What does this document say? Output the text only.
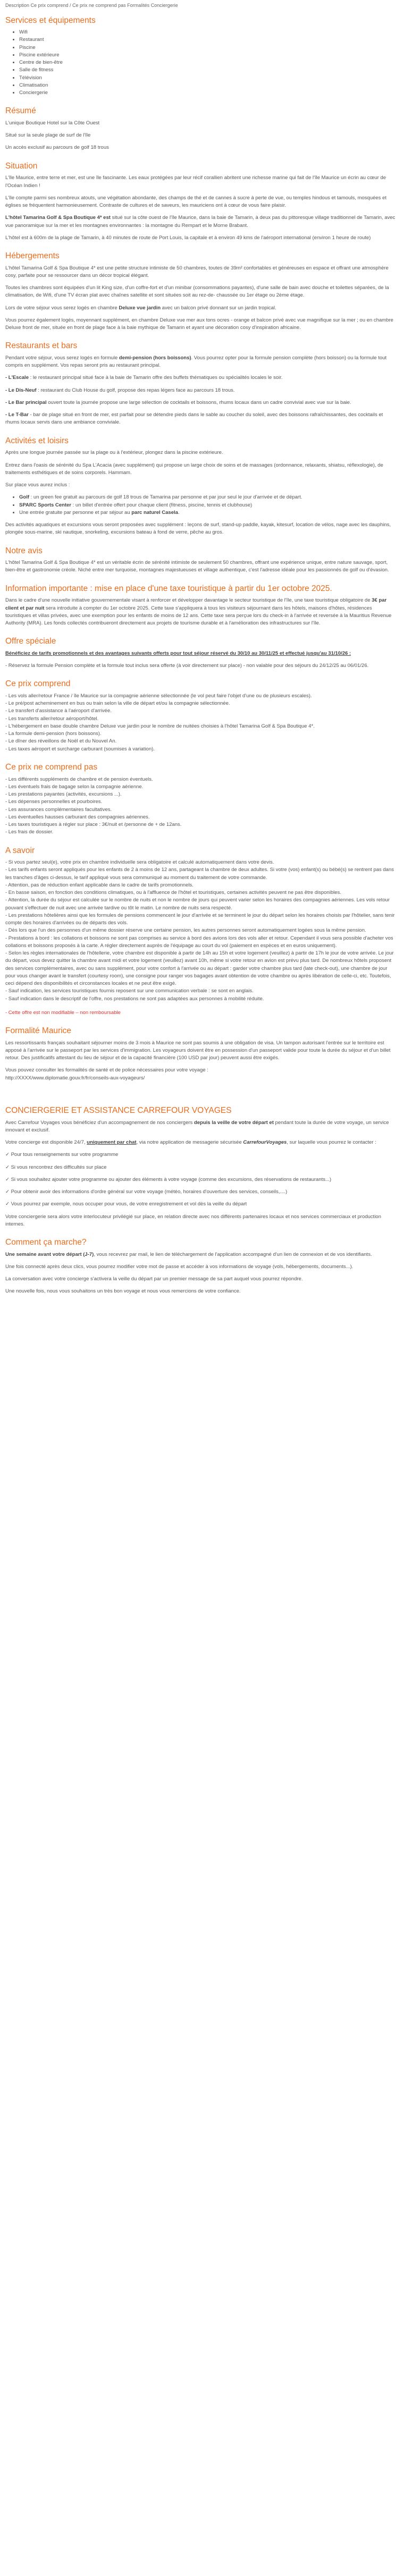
Description Ce prix comprend / Ce prix ne comprend pas Formalités Conciergerie
Services et équipements
• Wifi
• Restaurant
• Piscine
• Piscine extérieure
• Centre de bien-être
• Salle de fitness
• Télévision
• Climatisation
• Conciergerie
Résumé

L'unique Boutique Hotel sur la Côte Ouest

Situé sur la seule plage de surf de l'île

Un accès exclusif au parcours de golf 18 trous

Situation

L'île Maurice, entre terre et mer, est une île fascinante. Les eaux protégées par leur récif corallien abritent une richesse marine qui fait de l'île Maurice un écrin au cœur de l'Océan Indien !

L'île compte parmi ses nombreux atouts, une végétation abondante, des champs de thé et de cannes à sucre à perte de vue, ou temples hindous et tamouls, mosquées et églises se fréquentent harmonieusement. Contraste de cultures et de saveurs, les mauriciens ont à cœur de vous faire plaisir.

L'hôtel Tamarina Golf & Spa Boutique 4* est situé sur la côte ouest de l'île Maurice, dans la baie de Tamarin, à deux pas du pittoresque village traditionnel de Tamarin, avec vue panoramique sur la mer et les montagnes environnantes : la montagne du Rempart et le Morne Brabant.

L'hôtel est à 600m de la plage de Tamarin, à 40 minutes de route de Port Louis, la capitale et à environ 49 kms de l'aéroport international (environ 1 heure de route)

Hébergements

L'hôtel Tamarina Golf & Spa Boutique 4* est une petite structure intimiste de 50 chambres, toutes de 39m² confortables et généreuses en espace et offrant une atmosphère cosy, parfaite pour se ressourcer dans un décor tropical élégant.

Toutes les chambres sont équipées d'un lit King size, d'un coffre-fort et d'un minibar (consommations payantes), d'une salle de bain avec douche et toilettes séparées, de la climatisation, de Wifi, d'une TV écran plat avec chaînes satellite et sont situées soit au rez-de- chaussée ou 1er étage ou 2ème étage.

Lors de votre séjour vous serez logés en chambre Deluxe vue jardin avec un balcon privé donnant sur un jardin tropical.

Vous pourrez également logés, moyennant supplément, en chambre Deluxe vue mer aux tons ocres - orange et balcon privé avec vue magnifique sur la mer ; ou en chambre Deluxe front de mer, située en front de plage face à la baie mythique de Tamarin et ayant une décoration cosy d'inspiration africaine.

Restaurants et bars

Pendant votre séjour, vous serez logés en formule demi-pension (hors boissons). Vous pourrez opter pour la formule pension complète (hors boisson) ou la formule tout compris en supplément. Vos repas seront pris au restaurant principal.

- L'Escale : le restaurant principal situé face à la baie de Tamarin offre des buffets thématiques ou spécialités locales le soir.

- Le Dis-Neuf : restaurant du Club House du golf, propose des repas légers face au parcours 18 trous.

- Le Bar principal ouvert toute la journée propose une large sélection de cocktails et boissons, rhums locaux dans un cadre convivial avec vue sur la baie.

- Le T-Bar - bar de plage situé en front de mer, est parfait pour se détendre pieds dans le sable au coucher du soleil, avec des boissons rafraîchissantes, des cocktails et rhums locaux servis dans une ambiance conviviale.

Activités et loisirs

Après une longue journée passée sur la plage ou à l'extérieur, plongez dans la piscine extérieure.

Entrez dans l'oasis de sérénité du Spa L'Acacia (avec supplément) qui propose un large choix de soins et de massages (ordonnance, relaxants, shiatsu, réflexologie), de traitements esthétiques et de soins corporels. Hammam.

Sur place vous aurez inclus :

• Golf : un green fee gratuit au parcours de golf 18 trous de Tamarina par personne et par jour seul le jour d'arrivée et de départ.
• SPARC Sports Center : un billet d'entrée offert pour chaque client (fitness, piscine, tennis et clubhouse)
• Une entrée gratuite par personne et par séjour au parc naturel Casela.

Des activités aquatiques et excursions vous seront proposées avec supplément : leçons de surf, stand-up paddle, kayak, kitesurf, location de vélos, nage avec les dauphins, plongée sous-marine, ski nautique, snorkeling, excursions bateau à fond de verre, pêche au gros.

Notre avis

L'hôtel Tamarina Golf & Spa Boutique 4* est un véritable écrin de sérénité intimiste de seulement 50 chambres, offrant une expérience unique, entre nature sauvage, sport, bien-être et gastronomie créole. Niché entre mer turquoise, montagnes majestueuses et village authentique, c'est l'adresse idéale pour les passionnés de golf ou d'évasion.

Information importante : mise en place d'une taxe touristique à partir du 1er octobre 2025.

Dans le cadre d'une nouvelle initiative gouvernementale visant à renforcer et développer davantage le secteur touristique de l'île, une taxe touristique obligatoire de 3€ par client et par nuit sera introduite à compter du 1er octobre 2025. Cette taxe s'appliquera à tous les visiteurs séjournant dans les hôtels, maisons d'hôtes, résidences touristiques et villas privées, avec une exemption pour les enfants de moins de 12 ans. Cette taxe sera perçue lors du check-in à l'arrivée et reversée à la Mauritius Revenue Authority (MRA). Les fonds collectés contribueront directement aux projets de tourisme durable et à l'amélioration des infrastructures sur l'île.

Offre spéciale

Bénéficiez de tarifs promotionnels et des avantages suivants offerts pour tout séjour réservé du 30/10 au 30/11/25 et effectué jusqu'au 31/10/26 :

- Réservez la formule Pension complète et la formule tout inclus sera offerte (à voir directement sur place) - non valable pour des séjours du 24/12/25 au 06/01/26.

Ce prix comprend

- Les vols aller/retour France / île Maurice sur la compagnie aérienne sélectionnée (le vol peut faire l'objet d'une ou de plusieurs escales).

- Le pré/post acheminement en bus ou train selon la ville de départ et/ou la compagnie sélectionnée.

- Le transfert d'assistance à l'aéroport d'arrivée.

- Les transferts aller/retour aéroport/hôtel.

- L'hébergement en base double chambre Deluxe vue jardin pour le nombre de nuitées choisies à l'hôtel Tamarina Golf & Spa Boutique 4*.

- La formule demi-pension (hors boissons).

- Le dîner des réveillons de Noël et du Nouvel An.

- Les taxes aéroport et surcharge carburant (soumises à variation).

Ce prix ne comprend pas

- Les différents suppléments de chambre et de pension éventuels.

- Les éventuels frais de bagage selon la compagnie aérienne.

- Les prestations payantes (activités, excursions ...).

- Les dépenses personnelles et pourboires.

- Les assurances complémentaires facultatives.

- Les éventuelles hausses carburant des compagnies aériennes.

- Les taxes touristiques à régler sur place : 3€/nuit et /personne de + de 12ans.

- Les frais de dossier.

A savoir

- Si vous partez seul(e), votre prix en chambre individuelle sera obligatoire et calculé automatiquement dans votre devis.

- Les tarifs enfants seront appliqués pour les enfants de 2 à moins de 12 ans, partageant la chambre de deux adultes. Si votre (vos) enfant(s) ou bébé(s) se rentrent pas dans les tranches d'âges ci-dessus, le tarif appliqué vous sera communiqué au moment du traitement de votre commande.

- Attention, pas de réduction enfant applicable dans le cadre de tarifs promotionnels.

- En basse saison, en fonction des conditions climatiques, ou à l'affluence de l'hôtel et touristiques, certaines activités peuvent ne pas être disponibles.

- Attention, la durée du séjour est calculée sur le nombre de nuits et non le nombre de jours qui peuvent varier selon les horaires des compagnies aériennes. Les vols retour pouvant s'effectuer de nuit avec une arrivée tardive ou tôt le matin. Le nombre de nuits sera respecté.

- Les prestations hôtelières ainsi que les formules de pensions commencent le jour d'arrivée et se terminent le jour du départ selon les horaires choisis par l'hôtelier, sans tenir compte des horaires d'arrivées ou de départs des vols.

- Dès lors que l'un des personnes d'un même dossier réserve une certaine pension, les autres personnes seront automatiquement logées sous la même pension.

- Prestations à bord : les collations et boissons ne sont pas comprises au service à bord des avions lors des vols aller et retour. Cependant il vous sera possible d'acheter vos collations et boissons proposés à la carte. A régler directement auprès de l'équipage au court du vol (paiement en espèces et en euros uniquement).

- Selon les règles internationales de l'hôtellerie, votre chambre est disponible à partir de 14h au 15h et votre logement (veuillez) à partir de 17h le jour de votre arrivée. Le jour du départ, vous devez quitter la chambre avant midi et votre logement (veuillez) avant 10h, même si votre retour en avion est prévu plus tard. De nombreux hôtels proposent des services complémentaires, avec ou sans supplément, pour votre confort à l'arrivée ou au départ : garder votre chambre plus tard (late check-out), une chambre de jour pour vous changer avant le transfert (courtesy room), une consigne pour ranger vos bagages avant obtention de votre chambre ou après libération de celle-ci, etc. Toutefois, ceci dépend des disponibilités et circonstances locales et ne peut être exigé.

- Sauf indication, les services touristiques fournis reposent sur une communication verbale : se sont en anglais.

- Sauf indication dans le descriptif de l'offre, nos prestations ne sont pas adaptées aux personnes à mobilité réduite.

- Cette offre est non modifiable – non remboursable

Formalité Maurice

Les ressortissants français souhaitant séjourner moins de 3 mois à Maurice ne sont pas soumis à une obligation de visa. Un tampon autorisant l'entrée sur le territoire est apposé à l'arrivée sur le passeport par les services d'immigration. Les voyageurs doivent être en possession d'un passeport valide pour toute la durée du séjour et d'un billet retour. Des justificatifs attestant du lieu de séjour et de la capacité financière (100 USD par jour) peuvent aussi être exigés.

Vous pouvez consulter les formalités de santé et de police nécessaires pour votre voyage :

http://XXXX/www.diplomatie.gouv.fr/fr/conseils-aux-voyageurs/

CONCIERGERIE ET ASSISTANCE CARREFOUR VOYAGES

Avec Carrefour Voyages vous bénéficiez d'un accompagnement de nos conciergers depuis la veille de votre départ et pendant toute la durée de votre voyage, un service innovant et exclusif.

Votre concierge est disponible 24/7, uniquement par chat, via notre application de messagerie sécurisée CarrefourVoyages, sur laquelle vous pourrez le contacter :

✓ Pour tous renseignements sur votre programme

✓ Si vous rencontrez des difficultés sur place

✓ Si vous souhaitez ajouter votre programme ou ajouter des éléments à votre voyage (comme des excursions, des réservations de restaurants...)

✓ Pour obtenir avoir des informations d'ordre général sur votre voyage (météo, horaires d'ouverture des services, conseils,....)

✓ Vous pourrez par exemple, nous occuper pour vous, de votre enregistrement et vol dès la veille du départ

Votre conciergerie sera alors votre interlocuteur privilégié sur place, en relation directe avec nos différents partenaires locaux et nos services commerciaux et production internes.

Comment ça marche?

Une semaine avant votre départ (J-7), vous recevrez par mail, le lien de téléchargement de l'application accompagné d'un lien de connexion et de vos identifiants.

Une fois connecté après deux clics, vous pourrez modifier votre mot de passe et accéder à vos informations de voyage (vols, hébergements, documents...).

La conversation avec votre concierge s'activera la veille du départ par un premier message de sa part auquel vous pourrez répondre.

Une nouvelle fois, nous vous souhaitons un très bon voyage et nous vous remercions de votre confiance.
